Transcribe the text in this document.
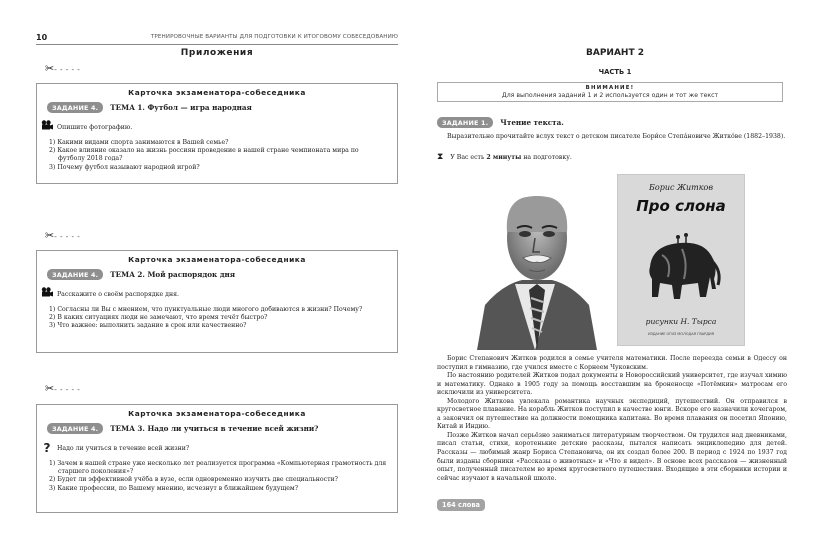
10	ТРЕНИРОВОЧНЫЕ ВАРИАНТЫ ДЛЯ ПОДГОТОВКИ К ИТОГОВОМУ СОБЕСЕДОВАНИЮ
Приложения
✂- - - - -
Карточка экзаменатора-собеседника
ЗАДАНИЕ 4.	ТЕМА 1. Футбол — игра народная
Опишите фотографию.
1) Какими видами спорта занимаются в Вашей семье?
2) Какое влияние оказало на жизнь россиян проведение в нашей стране чемпионата мира по футболу 2018 года?
3) Почему футбол называют народной игрой?
✂- - - - -
Карточка экзаменатора-собеседника
ЗАДАНИЕ 4.	ТЕМА 2. Мой распорядок дня
Расскажите о своём распорядке дня.
1) Согласны ли Вы с мнением, что пунктуальные люди многого добиваются в жизни? Почему?
2) В каких ситуациях люди не замечают, что время течёт быстро?
3) Что важнее: выполнить задание в срок или качественно?
✂- - - - -
Карточка экзаменатора-собеседника
ЗАДАНИЕ 4.	ТЕМА 3. Надо ли учиться в течение всей жизни?
?	Надо ли учиться в течение всей жизни?
1) Зачем в нашей стране уже несколько лет реализуется программа «Компьютерная грамотность для старшего поколения»?
2) Будет ли эффективной учёба в вузе, если одновременно изучить две специальности?
3) Какие профессии, по Вашему мнению, исчезнут в ближайшем будущем?
ВАРИАНТ 2
ЧАСТЬ 1
ВНИМАНИЕ!
Для выполнения заданий 1 и 2 используется один и тот же текст
ЗАДАНИЕ 1.	Чтение текста.
Выразительно прочитайте вслух текст о детском писателе Бори́се Степа́новиче Житко́ве (1882–1938).
⧗ У Вас есть 2 минуты на подготовку.
Борис Житков
Про слона
рисунки Н. Тырса
ИЗДАНИЕ ОГИЗ МОЛОДАЯ ГВАРДИЯ

Борис Степанович Житков родился в семье учителя математики. После переезда семьи в Одессу он поступил в гимназию, где учился вместе с Корнеем Чуковским.

По настоянию родителей Житков подал документы в Новороссийский университет, где изучал химию и математику. Однако в 1905 году за помощь восставшим на броненосце «Потёмкин» матросам его исключили из университета.

Молодого Житкова увлекала романтика научных экспедиций, путешествий. Он отправился в кругосветное плавание. На корабль Житков поступил в качестве юнги. Вскоре его назначили кочегаром, а закончил он путешествие на должности помощника капитана. Во время плавания он посетил Японию, Китай и Индию.

Позже Житков начал серьёзно заниматься литературным творчеством. Он трудился над дневниками, писал статьи, стихи, коротенькие детские рассказы, пытался написать энциклопедию для детей. Рассказы — любимый жанр Бориса Степановича, он их создал более 200. В период с 1924 по 1937 год были изданы сборники «Рассказы о животных» и «Что я видел». В основе всех рассказов — жизненный опыт, полученный писателем во время кругосветного путешествия. Входящие в эти сборники истории и сейчас изучают в начальной школе.

164 слова
